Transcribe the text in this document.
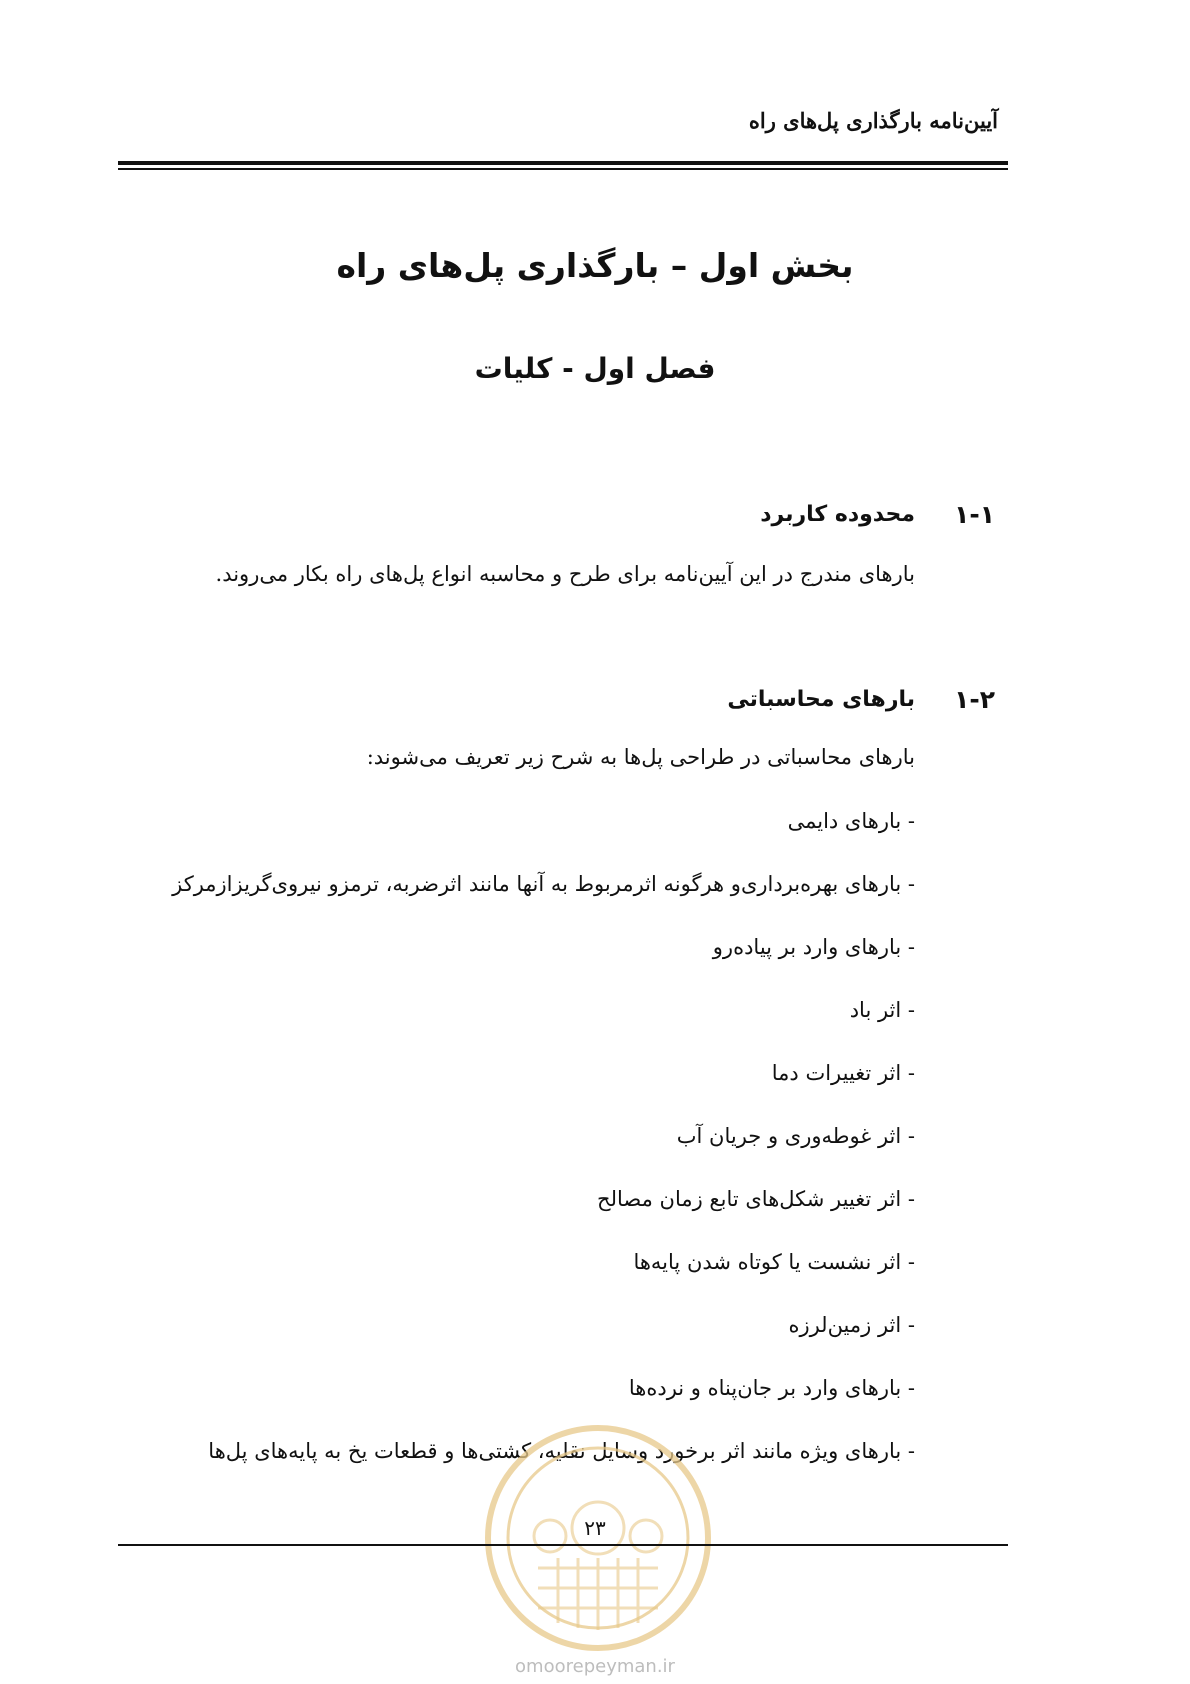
آیین‌نامه بارگذاری پل‌های راه
بخش اول – بارگذاری پل‌های راه
فصل اول - کلیات
۱-۱
محدوده کاربرد
بارهای مندرج در این آیین‌نامه برای طرح و محاسبه انواع پل‌های راه بکار می‌روند.
۱-۲
بارهای محاسباتی
بارهای محاسباتی در طراحی پل‌ها به شرح زیر تعریف می‌شوند:
- بارهای دایمی
- بارهای بهره‌برداری‌و هرگونه اثرمربوط به آنها مانند اثرضربه، ترمزو نیروی‌گریزازمرکز
- بارهای وارد بر پیاده‌رو
- اثر باد
- اثر تغییرات دما
- اثر غوطه‌وری و جریان آب
- اثر تغییر شکل‌های تابع زمان مصالح
- اثر نشست یا کوتاه شدن پایه‌ها
- اثر زمین‌لرزه
- بارهای وارد بر جان‌پناه و نرده‌ها
- بارهای ویژه مانند اثر برخورد وسایل نقلیه، کشتی‌ها و قطعات یخ به پایه‌های پل‌ها
omoorepeyman.ir
۲۳
